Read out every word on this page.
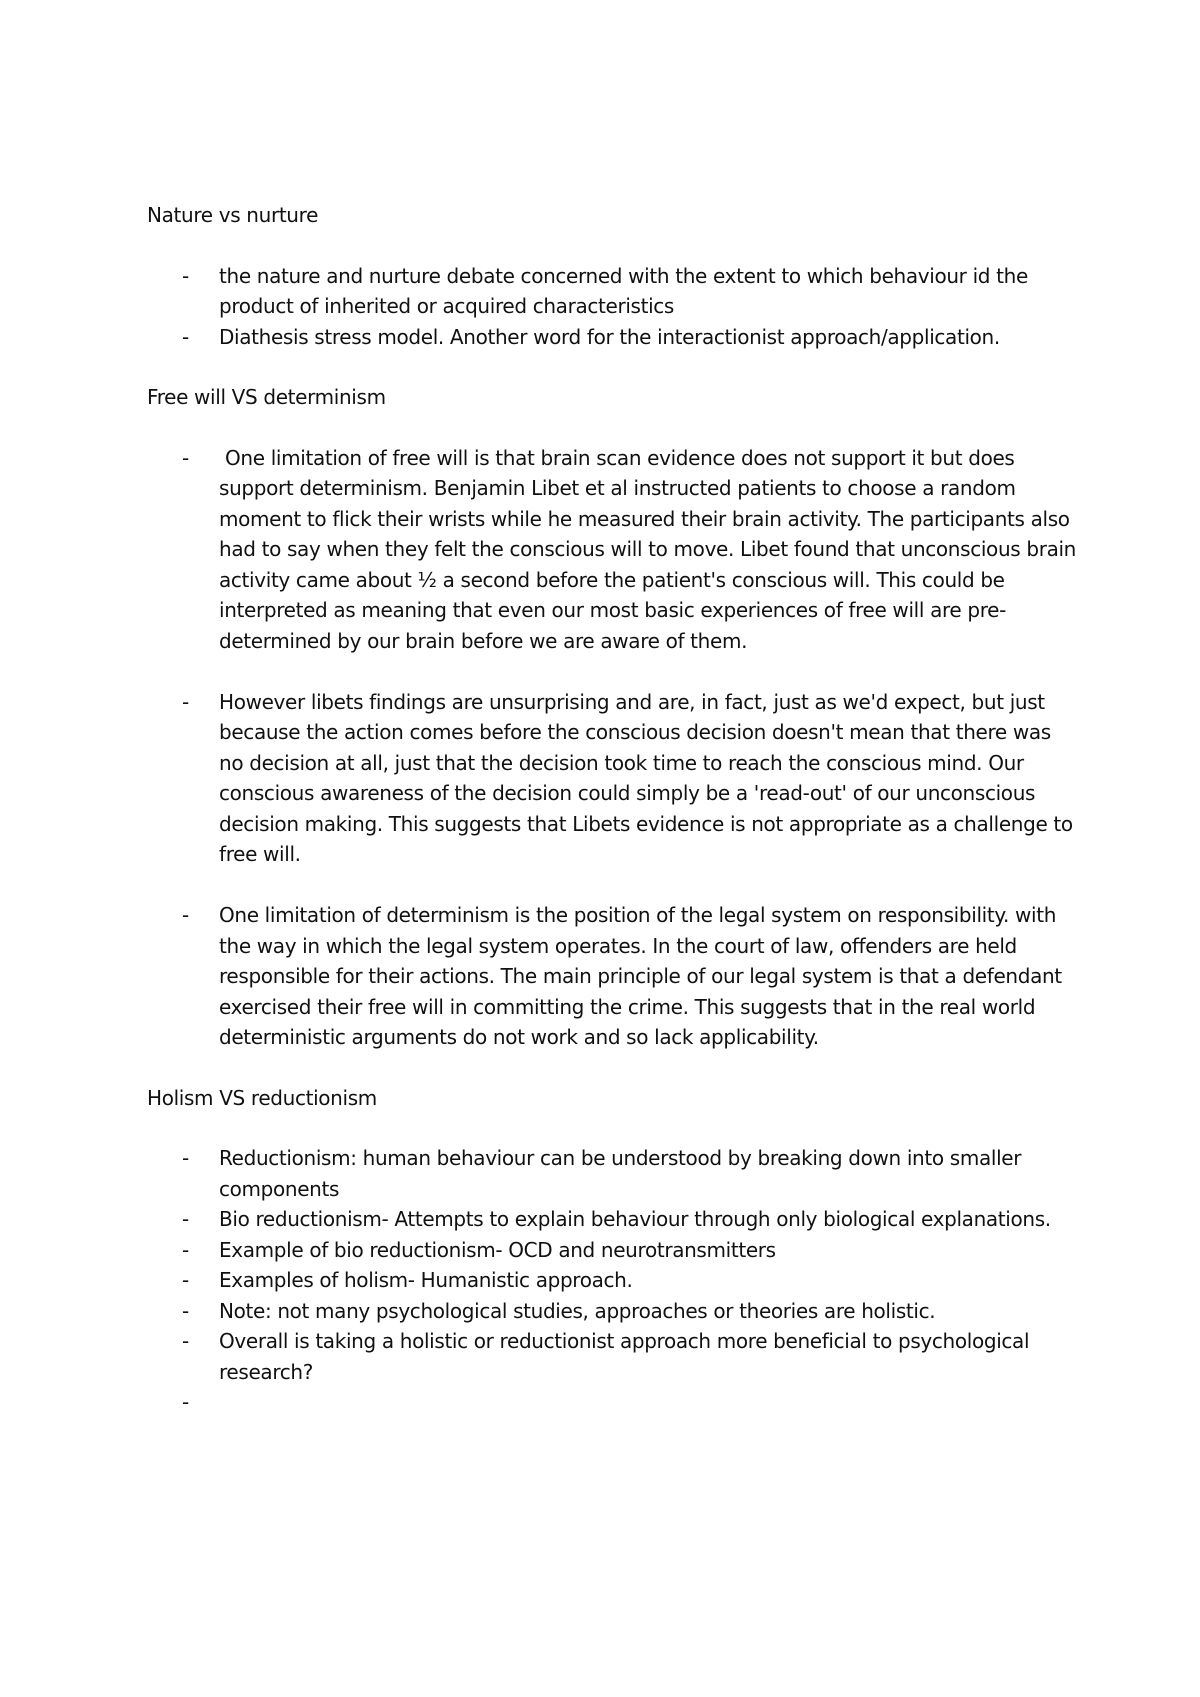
Nature vs nurture
- the nature and nurture debate concerned with the extent to which behaviour id the product of inherited or acquired characteristics
- Diathesis stress model. Another word for the interactionist approach/application.
Free will VS determinism
- One limitation of free will is that brain scan evidence does not support it but does support determinism. Benjamin Libet et al instructed patients to choose a random moment to flick their wrists while he measured their brain activity. The participants also had to say when they felt the conscious will to move. Libet found that unconscious brain activity came about ½ a second before the patient's conscious will. This could be interpreted as meaning that even our most basic experiences of free will are pre-determined by our brain before we are aware of them.
- However libets findings are unsurprising and are, in fact, just as we'd expect, but just because the action comes before the conscious decision doesn't mean that there was no decision at all, just that the decision took time to reach the conscious mind. Our conscious awareness of the decision could simply be a 'read-out' of our unconscious decision making. This suggests that Libets evidence is not appropriate as a challenge to free will.
- One limitation of determinism is the position of the legal system on responsibility. with the way in which the legal system operates. In the court of law, offenders are held responsible for their actions. The main principle of our legal system is that a defendant exercised their free will in committing the crime. This suggests that in the real world deterministic arguments do not work and so lack applicability.
Holism VS reductionism
- Reductionism: human behaviour can be understood by breaking down into smaller components
- Bio reductionism- Attempts to explain behaviour through only biological explanations.
- Example of bio reductionism- OCD and neurotransmitters
- Examples of holism- Humanistic approach.
- Note: not many psychological studies, approaches or theories are holistic.
- Overall is taking a holistic or reductionist approach more beneficial to psychological research?
-
